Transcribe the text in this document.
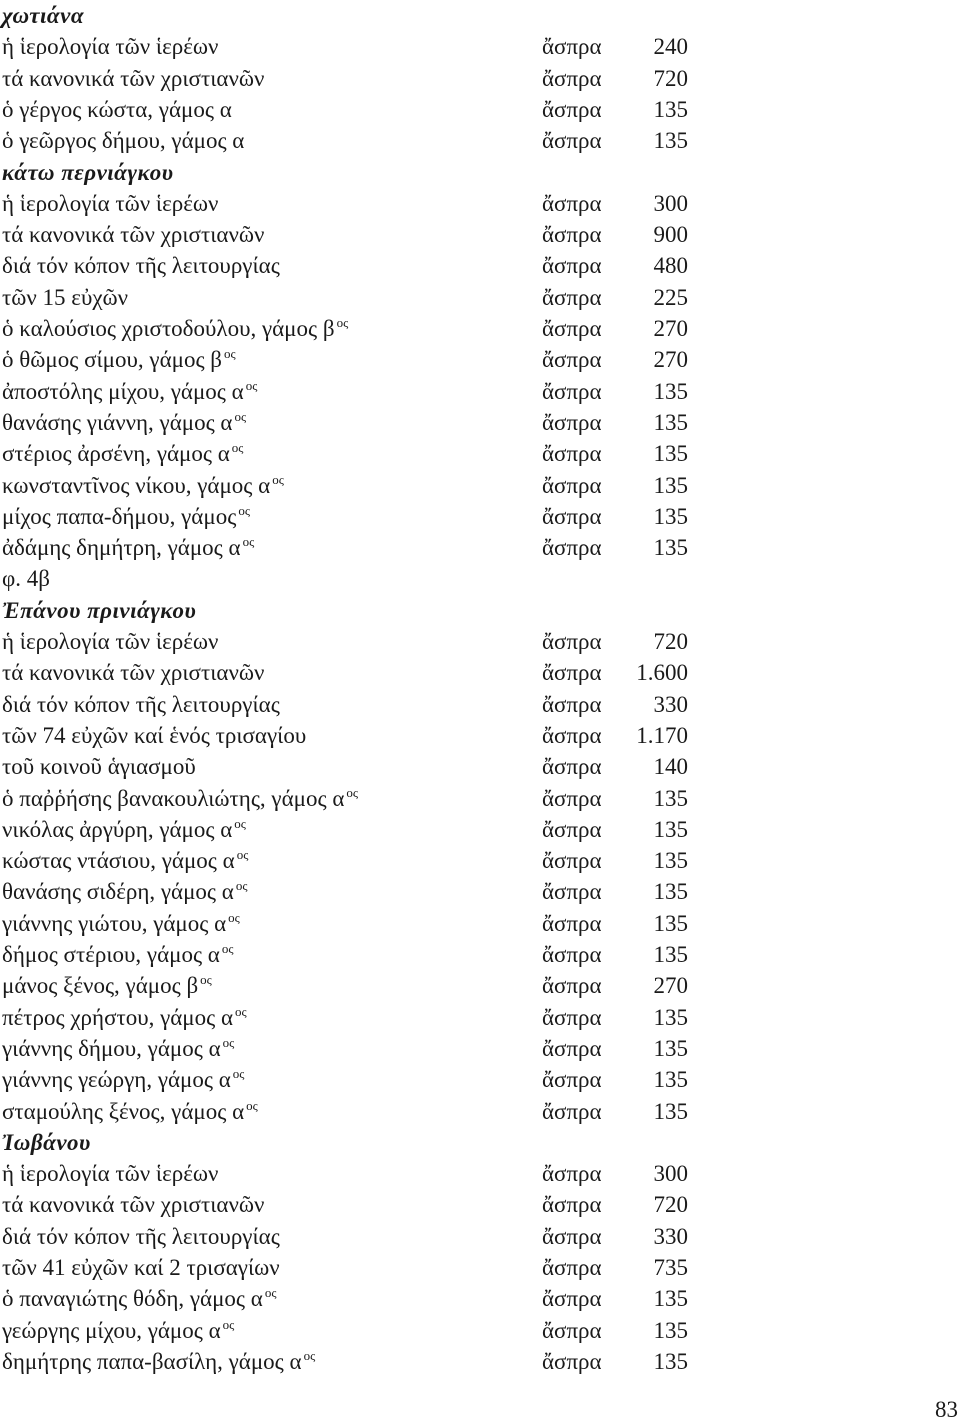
χωτιάνα
ἡ ἱερολογία τῶν ἱερέων	ἄσπρα 240
τά κανονικά τῶν χριστιανῶν	ἄσπρα 720
ὁ γέργος κώστα, γάμος α	ἄσπρα 135
ὁ γεῶργος δήμου, γάμος α	ἄσπρα 135
κάτω περνιάγκου
ἡ ἱερολογία τῶν ἱερέων	ἄσπρα 300
τά κανονικά τῶν χριστιανῶν	ἄσπρα 900
διά τόν κόπον τῆς λειτουργίας	ἄσπρα 480
τῶν 15 εὐχῶν	ἄσπρα 225
ὁ καλούσιος χριστοδούλου, γάμος β $^{o\varsigma}$	ἄσπρα 270
ὁ θῶμος σίμου, γάμος β $^{o\varsigma}$	ἄσπρα 270
ἀποστόλης μίχου, γάμος α $^{o\varsigma}$	ἄσπρα 135
θανάσης γιάννη, γάμος α $^{o\varsigma}$	ἄσπρα 135
στέριος ἀρσένη, γάμος α $^{o\varsigma}$	ἄσπρα 135
κωνσταντῖνος νίκου, γάμος α $^{o\varsigma}$	ἄσπρα 135
μίχος παπα-δήμου, γάμος $^{o\varsigma}$	ἄσπρα 135
ἀδάμης δημήτρη, γάμος α $^{o\varsigma}$	ἄσπρα 135
φ. 4β
Ἐπάνου πρινιάγκου
ἡ ἱερολογία τῶν ἱερέων	ἄσπρα 720
τά κανονικά τῶν χριστιανῶν	ἄσπρα 1.600
διά τόν κόπον τῆς λειτουργίας	ἄσπρα 330
τῶν 74 εὐχῶν καί ἑνός τρισαγίου	ἄσπρα 1.170
τοῦ κοινοῦ ἁγιασμοῦ	ἄσπρα 140
ὁ παῤῥήσης βανακουλιώτης, γάμος α $^{o\varsigma}$	ἄσπρα 135
νικόλας ἀργύρη, γάμος α $^{o\varsigma}$	ἄσπρα 135
κώστας ντάσιου, γάμος α $^{o\varsigma}$	ἄσπρα 135
θανάσης σιδέρη, γάμος α $^{o\varsigma}$	ἄσπρα 135
γιάννης γιώτου, γάμος α $^{o\varsigma}$	ἄσπρα 135
δήμος στέριου, γάμος α $^{o\varsigma}$	ἄσπρα 135
μάνος ξένος, γάμος β $^{o\varsigma}$	ἄσπρα 270
πέτρος χρήστου, γάμος α $^{o\varsigma}$	ἄσπρα 135
γιάννης δήμου, γάμος α $^{o\varsigma}$	ἄσπρα 135
γιάννης γεώργη, γάμος α $^{o\varsigma}$	ἄσπρα 135
σταμούλης ξένος, γάμος α $^{o\varsigma}$	ἄσπρα 135
Ἰωβάνου
ἡ ἱερολογία τῶν ἱερέων	ἄσπρα 300
τά κανονικά τῶν χριστιανῶν	ἄσπρα 720
διά τόν κόπον τῆς λειτουργίας	ἄσπρα 330
τῶν 41 εὐχῶν καί 2 τρισαγίων	ἄσπρα 735
ὁ παναγιώτης θόδη, γάμος α $^{o\varsigma}$	ἄσπρα 135
γεώργης μίχου, γάμος α $^{o\varsigma}$	ἄσπρα 135
δημήτρης παπα-βασίλη, γάμος α $^{o\varsigma}$	ἄσπρα 135
83
